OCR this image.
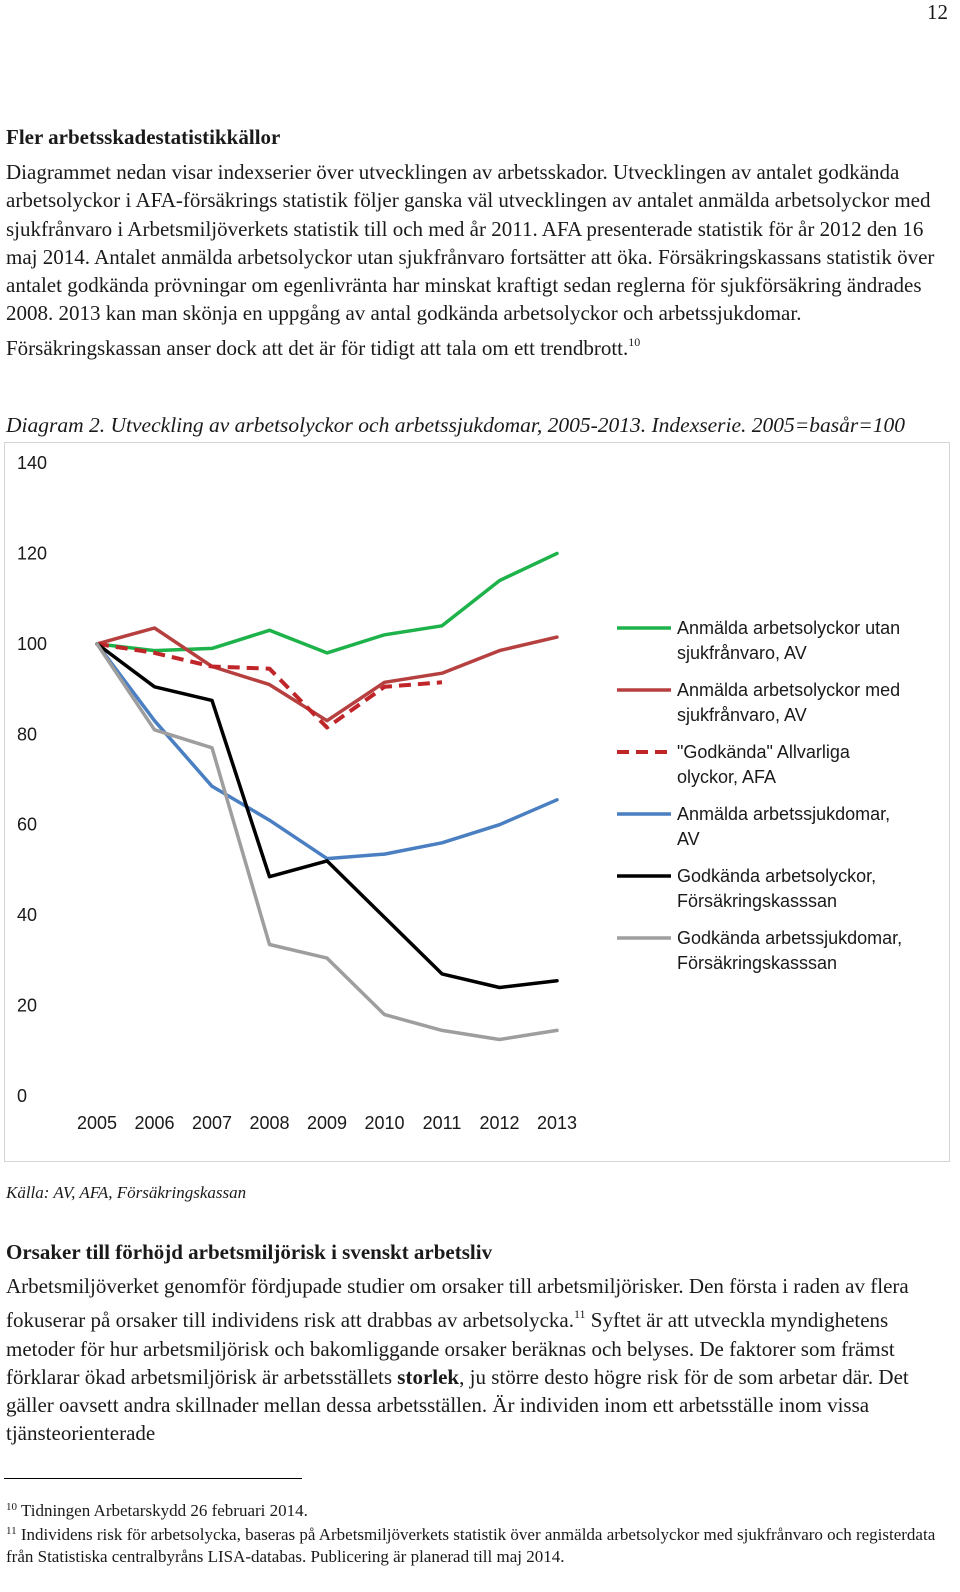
12
Fler arbetsskadestatistikkällor

Diagrammet nedan visar indexserier över utvecklingen av arbetsskador. Utvecklingen av antalet godkända arbetsolyckor i AFA-försäkrings statistik följer ganska väl utvecklingen av antalet anmälda arbetsolyckor med sjukfrånvaro i Arbetsmiljöverkets statistik till och med år 2011. AFA presenterade statistik för år 2012 den 16 maj 2014. Antalet anmälda arbetsolyckor utan sjukfrånvaro fortsätter att öka. Försäkringskassans statistik över antalet godkända prövningar om egenlivränta har minskat kraftigt sedan reglerna för sjukförsäkring ändrades 2008. 2013 kan man skönja en uppgång av antal godkända arbetsolyckor och arbetssjukdomar. Försäkringskassan anser dock att det är för tidigt att tala om ett trendbrott.$^{10}$

Diagram 2. Utveckling av arbetsolyckor och arbetssjukdomar, 2005-2013. Indexserie. 2005=basår=100
0
20
40
60
80
100
120
140
2005 2006 2007 2008 2009 2010 2011 2012 2013
Anmälda arbetsolyckor utan
sjukfrånvaro, AV
Anmälda arbetsolyckor med
sjukfrånvaro, AV
"Godkända" Allvarliga
olyckor, AFA
Anmälda arbetssjukdomar,
AV
Godkända arbetsolyckor,
Försäkringskasssan
Godkända arbetssjukdomar,
Försäkringskasssan
Källa: AV, AFA, Försäkringskassan
Orsaker till förhöjd arbetsmiljörisk i svenskt arbetsliv

Arbetsmiljöverket genomför fördjupade studier om orsaker till arbetsmiljörisker. Den första i raden av flera fokuserar på orsaker till individens risk att drabbas av arbetsolycka.$^{11}$ Syftet är att utveckla myndighetens metoder för hur arbetsmiljörisk och bakomliggande orsaker beräknas och belyses. De faktorer som främst förklarar ökad arbetsmiljörisk är arbetsställets storlek, ju större desto högre risk för de som arbetar där. Det gäller oavsett andra skillnader mellan dessa arbetsställen. Är individen inom ett arbetsställe inom vissa tjänsteorienterade

$^{10}$ Tidningen Arbetarskydd 26 februari 2014.

$^{11}$ Individens risk för arbetsolycka, baseras på Arbetsmiljöverkets statistik över anmälda arbetsolyckor med sjukfrånvaro och registerdata från Statistiska centralbyråns LISA-databas. Publicering är planerad till maj 2014.
